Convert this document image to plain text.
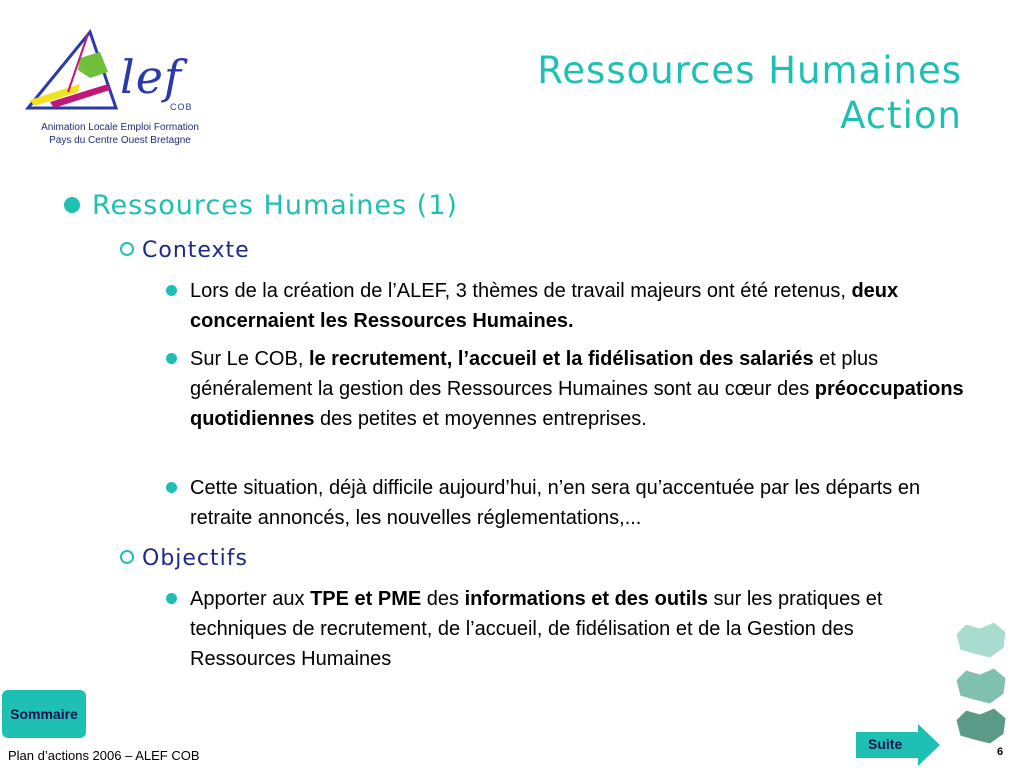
lef
COB
Animation Locale Emploi Formation
Pays du Centre Ouest Bretagne
Ressources Humaines
Action
Ressources Humaines (1)
Contexte
Lors de la création de l’ALEF, 3 thèmes de travail majeurs ont été retenus, deux concernaient les Ressources Humaines.
Sur Le COB, le recrutement, l’accueil et la fidélisation des salariés et plus généralement la gestion des Ressources Humaines sont au cœur des préoccupations quotidiennes des petites et moyennes entreprises.
Cette situation, déjà difficile aujourd’hui, n’en sera qu’accentuée par les départs en retraite annoncés, les nouvelles réglementations,...
Objectifs
Apporter aux TPE et PME des informations et des outils sur les pratiques et techniques de recrutement, de l’accueil, de fidélisation et de la Gestion des Ressources Humaines
Sommaire
Suite
Plan d’actions 2006 – ALEF COB	6
